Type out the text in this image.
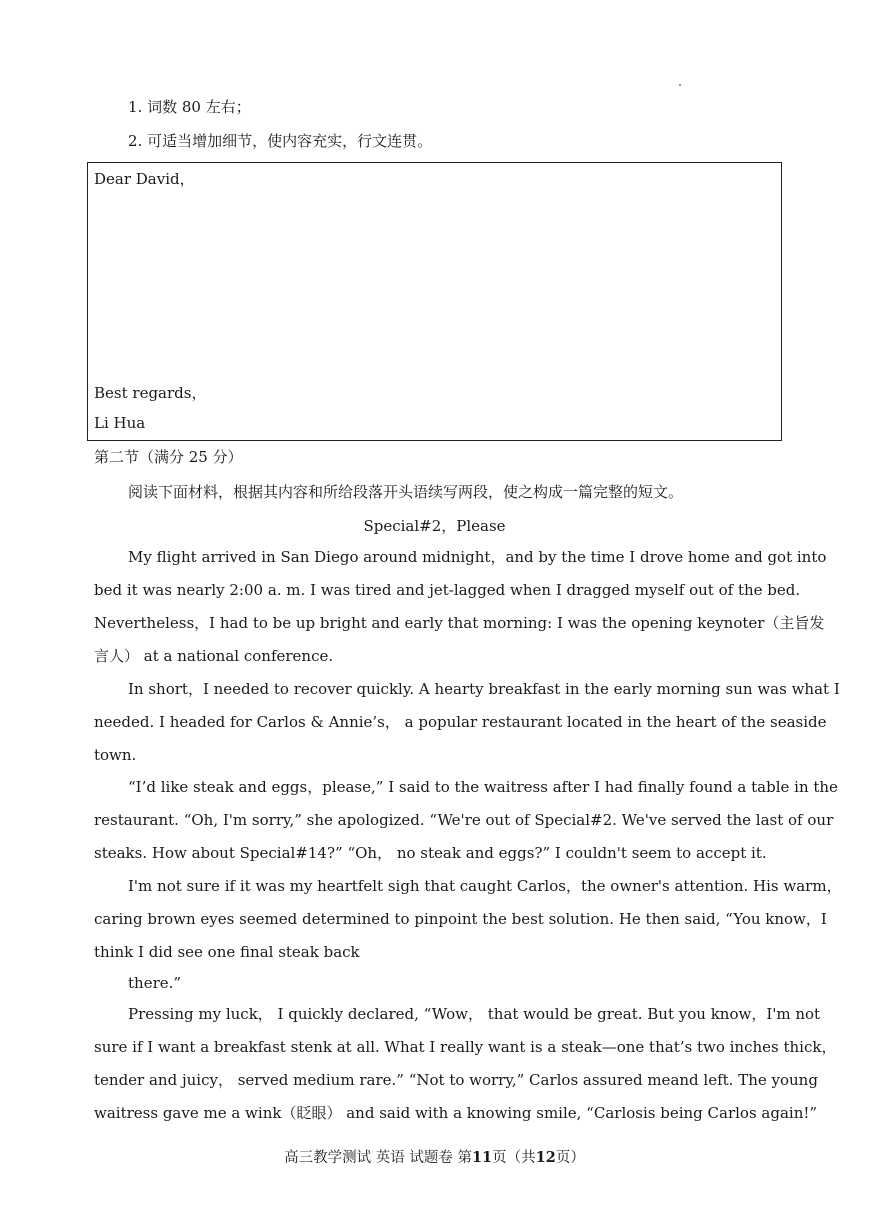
1. 词数 80 左右；
2. 可适当增加细节，使内容充实，行文连贯。
Dear David，
Best regards，
Li Hua
第二节（满分 25 分）
阅读下面材料，根据其内容和所给段落开头语续写两段，使之构成一篇完整的短文。
Special#2，Please
My flight arrived in San Diego around midnight，and by the time I drove home and got into
bed it was nearly 2:00 a. m. I was tired and jet-lagged when I dragged myself out of the bed.
Nevertheless，I had to be up bright and early that morning: I was the opening keynoter（主旨发
言人） at a national conference.
In short，I needed to recover quickly. A hearty breakfast in the early morning sun was what I
needed. I headed for Carlos & Annie’s， a popular restaurant located in the heart of the seaside
town.
“I’d like steak and eggs，please,” I said to the waitress after I had finally found a table in the
restaurant. “Oh, I'm sorry,” she apologized. “We're out of Special#2. We've served the last of our
steaks. How about Special#14?” “Oh， no steak and eggs?” I couldn't seem to accept it.
I'm not sure if it was my heartfelt sigh that caught Carlos，the owner's attention. His warm，
caring brown eyes seemed determined to pinpoint the best solution. He then said, “You know，I
think I did see one final steak back
there.”
Pressing my luck， I quickly declared, “Wow， that would be great. But you know，I'm not
sure if I want a breakfast stenk at all. What I really want is a steak—one that’s two inches thick，
tender and juicy， served medium rare.” “Not to worry,” Carlos assured meand left. The young
waitress gave me a wink（眨眼） and said with a knowing smile, “Carlosis being Carlos again!”
高三教学测试 英语 试题卷 第11页（共12页）
